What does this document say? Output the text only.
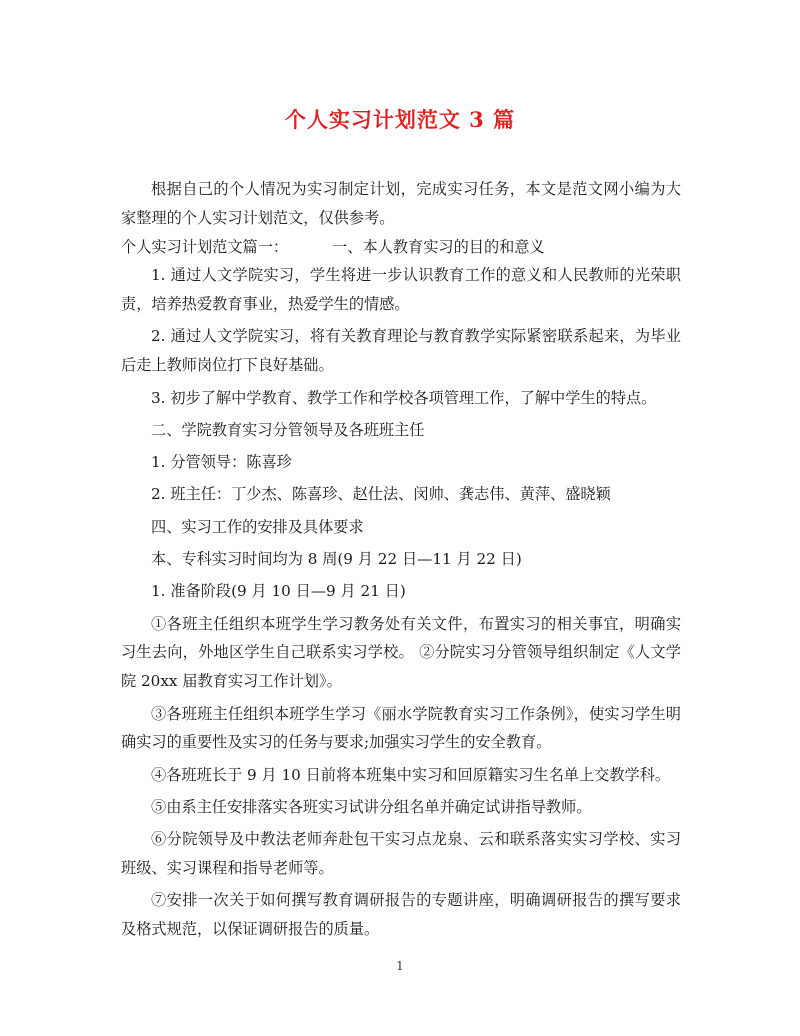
个人实习计划范文 3 篇

根据自己的个人情况为实习制定计划，完成实习任务，本文是范文网小编为大家整理的个人实习计划范文，仅供参考。

个人实习计划范文篇一：	一、本人教育实习的目的和意义

1. 通过人文学院实习，学生将进一步认识教育工作的意义和人民教师的光荣职责，培养热爱教育事业，热爱学生的情感。

2. 通过人文学院实习，将有关教育理论与教育教学实际紧密联系起来，为毕业后走上教师岗位打下良好基础。

3. 初步了解中学教育、教学工作和学校各项管理工作，了解中学生的特点。

二、学院教育实习分管领导及各班班主任

1. 分管领导：陈喜珍

2. 班主任：丁少杰、陈喜珍、赵仕法、闵帅、龚志伟、黄萍、盛晓颖

四、实习工作的安排及具体要求

本、专科实习时间均为 8 周(9 月 22 日—11 月 22 日)

1. 准备阶段(9 月 10 日—9 月 21 日)

①各班主任组织本班学生学习教务处有关文件，布置实习的相关事宜，明确实习生去向，外地区学生自己联系实习学校。 ②分院实习分管领导组织制定《人文学院 20xx 届教育实习工作计划》。

③各班班主任组织本班学生学习《丽水学院教育实习工作条例》，使实习学生明确实习的重要性及实习的任务与要求;加强实习学生的安全教育。

④各班班长于 9 月 10 日前将本班集中实习和回原籍实习生名单上交教学科。

⑤由系主任安排落实各班实习试讲分组名单并确定试讲指导教师。

⑥分院领导及中教法老师奔赴包干实习点龙泉、云和联系落实实习学校、实习班级、实习课程和指导老师等。

⑦安排一次关于如何撰写教育调研报告的专题讲座，明确调研报告的撰写要求及格式规范，以保证调研报告的质量。

1
